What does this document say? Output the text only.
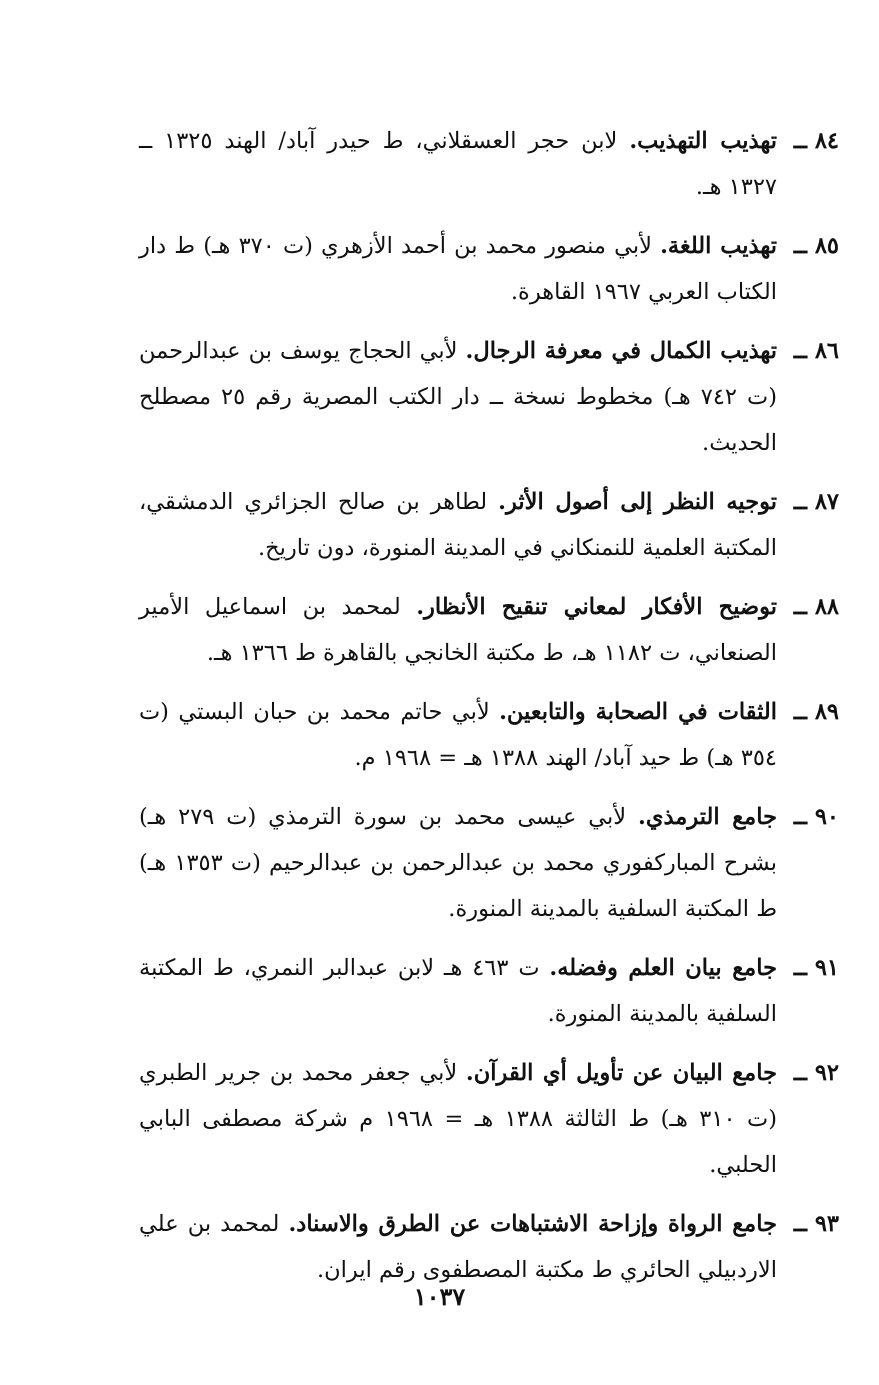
٨٤ ــ
تهذيب التهذيب. لابن حجر العسقلاني، ط حيدر آباد/ الهند ١٣٢٥ ــ ١٣٢٧ هـ.
٨٥ ــ
تهذيب اللغة. لأبي منصور محمد بن أحمد الأزهري (ت ٣٧٠ هـ) ط دار الكتاب العربي ١٩٦٧ القاهرة.
٨٦ ــ
تهذيب الكمال في معرفة الرجال. لأبي الحجاج يوسف بن عبدالرحمن (ت ٧٤٢ هـ) مخطوط نسخة ــ دار الكتب المصرية رقم ٢٥ مصطلح الحديث.
٨٧ ــ
توجيه النظر إلى أصول الأثر. لطاهر بن صالح الجزائري الدمشقي، المكتبة العلمية للنمنكاني في المدينة المنورة، دون تاريخ.
٨٨ ــ
توضيح الأفكار لمعاني تنقيح الأنظار. لمحمد بن اسماعيل الأمير الصنعاني، ت ١١٨٢ هـ، ط مكتبة الخانجي بالقاهرة ط ١٣٦٦ هـ.
٨٩ ــ
الثقات في الصحابة والتابعين. لأبي حاتم محمد بن حبان البستي (ت ٣٥٤ هـ) ط حيد آباد/ الهند ١٣٨٨ هـ = ١٩٦٨ م.
٩٠ ــ
جامع الترمذي. لأبي عيسى محمد بن سورة الترمذي (ت ٢٧٩ هـ) بشرح المباركفوري محمد بن عبدالرحمن بن عبدالرحيم (ت ١٣٥٣ هـ) ط المكتبة السلفية بالمدينة المنورة.
٩١ ــ
جامع بيان العلم وفضله. ت ٤٦٣ هـ لابن عبدالبر النمري، ط المكتبة السلفية بالمدينة المنورة.
٩٢ ــ
جامع البيان عن تأويل أي القرآن. لأبي جعفر محمد بن جرير الطبري (ت ٣١٠ هـ) ط الثالثة ١٣٨٨ هـ = ١٩٦٨ م شركة مصطفى البابي الحلبي.
٩٣ ــ
جامع الرواة وإزاحة الاشتباهات عن الطرق والاسناد. لمحمد بن علي الاردبيلي الحائري ط مكتبة المصطفوى رقم ايران.
١٠٣٧
